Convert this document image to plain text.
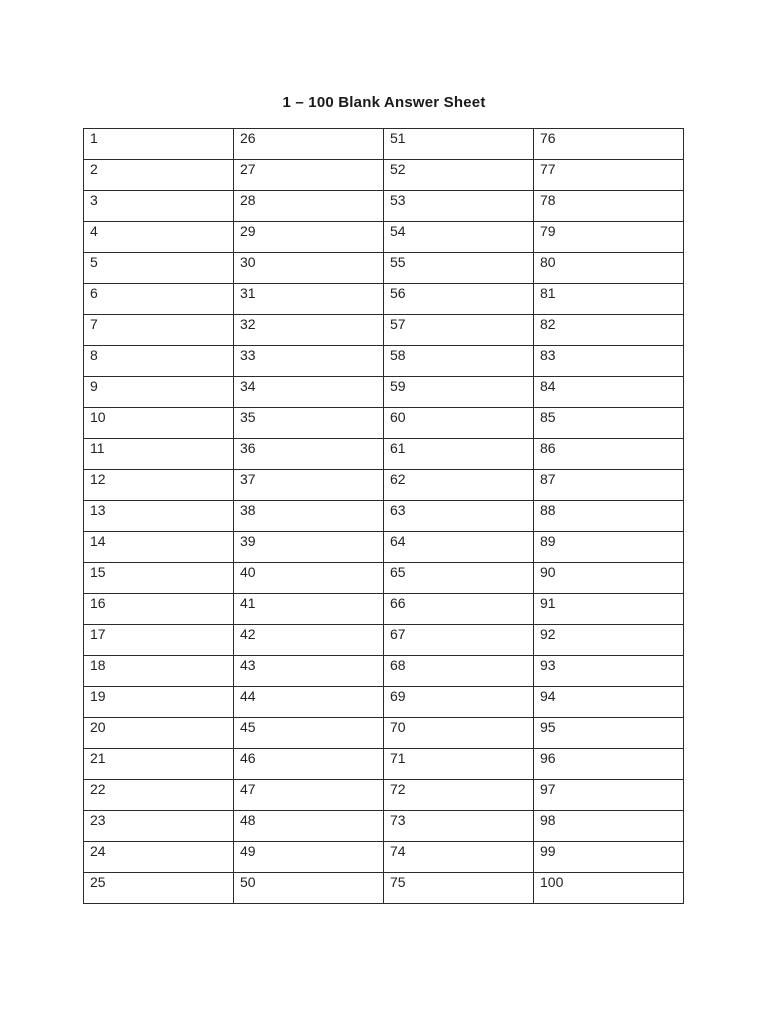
1 – 100 Blank Answer Sheet
1	26	51	76
2	27	52	77
3	28	53	78
4	29	54	79
5	30	55	80
6	31	56	81
7	32	57	82
8	33	58	83
9	34	59	84
10	35	60	85
11	36	61	86
12	37	62	87
13	38	63	88
14	39	64	89
15	40	65	90
16	41	66	91
17	42	67	92
18	43	68	93
19	44	69	94
20	45	70	95
21	46	71	96
22	47	72	97
23	48	73	98
24	49	74	99
25	50	75	100
